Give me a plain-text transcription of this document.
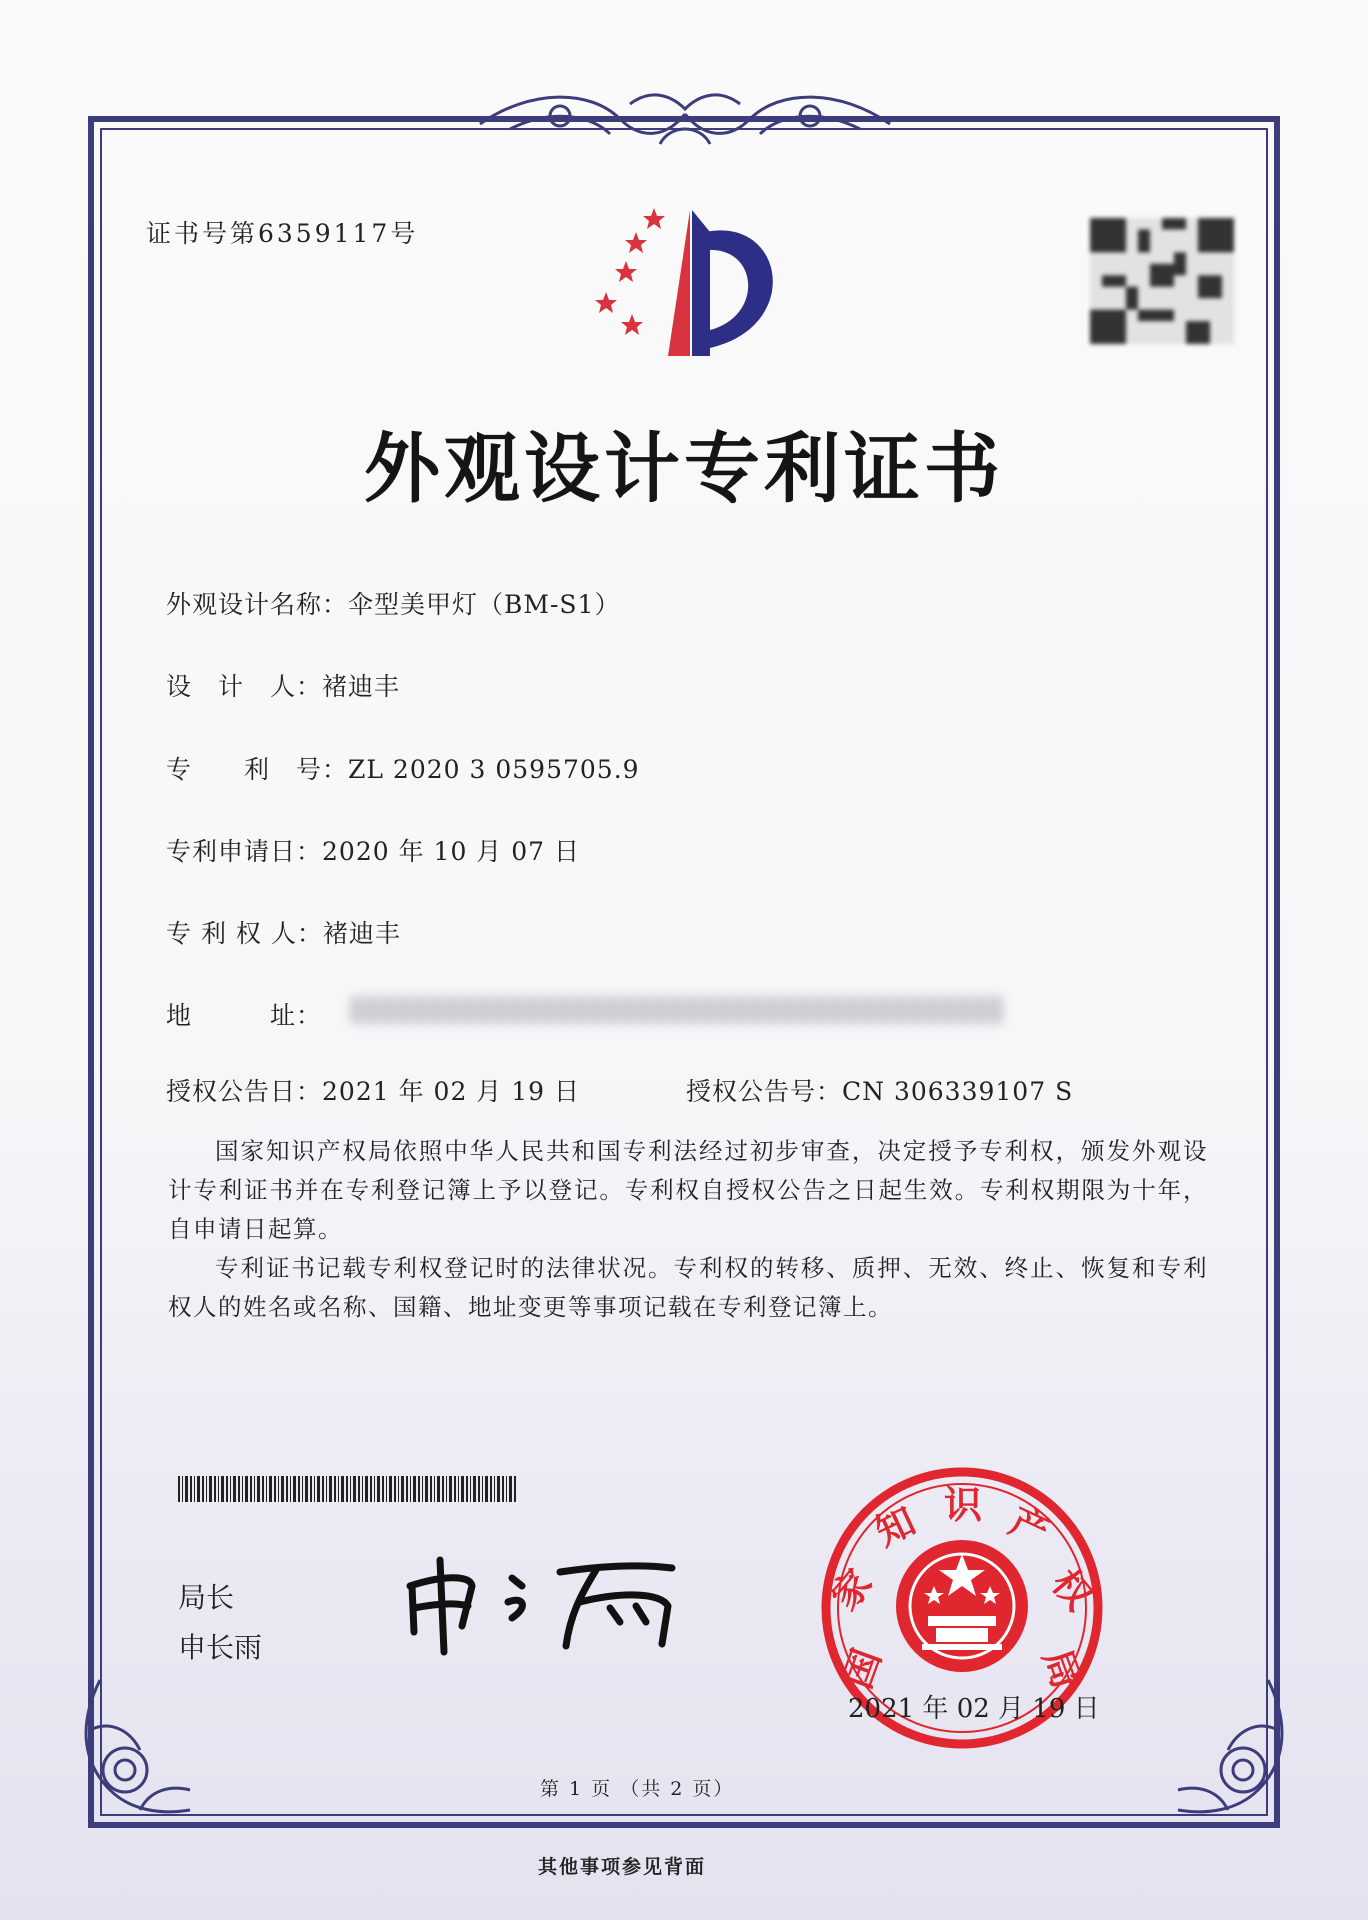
证书号第6359117号
外观设计专利证书
外观设计名称：伞型美甲灯（BM-S1）
设　计　人：褚迪丰
专　　利　号：ZL 2020 3 0595705.9
专利申请日：2020 年 10 月 07 日
专 利 权 人：褚迪丰
地　　　址：
授权公告日：2021 年 02 月 19 日	授权公告号：CN 306339107 S

国家知识产权局依照中华人民共和国专利法经过初步审查，决定授予专利权，颁发外观设计专利证书并在专利登记簿上予以登记。专利权自授权公告之日起生效。专利权期限为十年，自申请日起算。

专利证书记载专利权登记时的法律状况。专利权的转移、质押、无效、终止、恢复和专利权人的姓名或名称、国籍、地址变更等事项记载在专利登记簿上。

局长
申长雨	国
家
知 识 产
权
局
2021 年 02 月 19 日
第 1 页 （共 2 页）
其他事项参见背面
